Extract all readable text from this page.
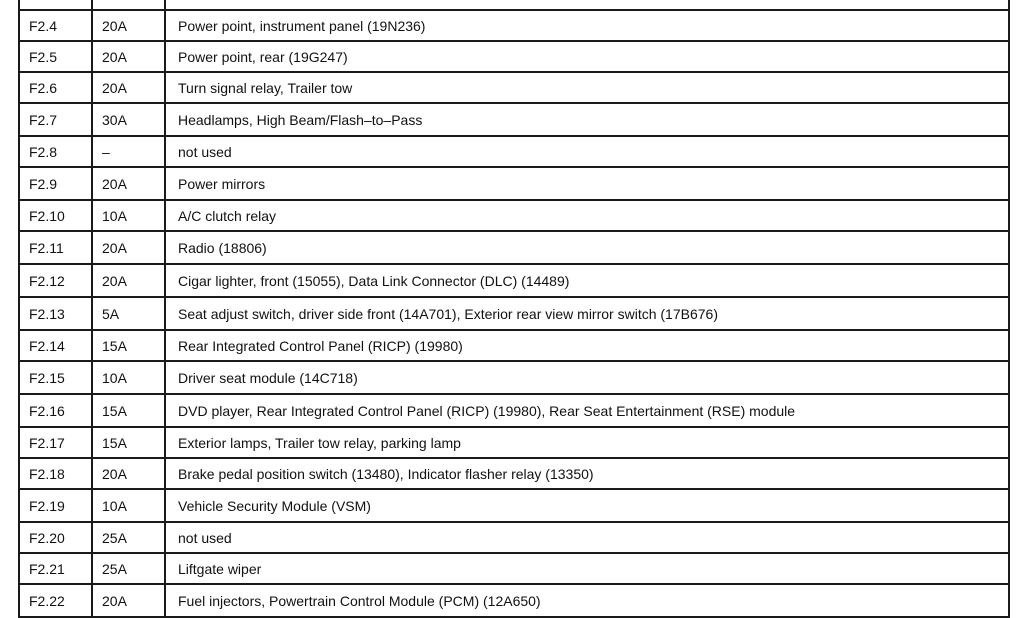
F2.4	20A	Power point, instrument panel (19N236)
F2.5	20A	Power point, rear (19G247)
F2.6	20A	Turn signal relay, Trailer tow
F2.7	30A	Headlamps, High Beam/Flash–to–Pass
F2.8	–	not used
F2.9	20A	Power mirrors
F2.10	10A	A/C clutch relay
F2.11	20A	Radio (18806)
F2.12	20A	Cigar lighter, front (15055), Data Link Connector (DLC) (14489)
F2.13	5A	Seat adjust switch, driver side front (14A701), Exterior rear view mirror switch (17B676)
F2.14	15A	Rear Integrated Control Panel (RICP) (19980)
F2.15	10A	Driver seat module (14C718)
F2.16	15A	DVD player, Rear Integrated Control Panel (RICP) (19980), Rear Seat Entertainment (RSE) module
F2.17	15A	Exterior lamps, Trailer tow relay, parking lamp
F2.18	20A	Brake pedal position switch (13480), Indicator flasher relay (13350)
F2.19	10A	Vehicle Security Module (VSM)
F2.20	25A	not used
F2.21	25A	Liftgate wiper
F2.22	20A	Fuel injectors, Powertrain Control Module (PCM) (12A650)
